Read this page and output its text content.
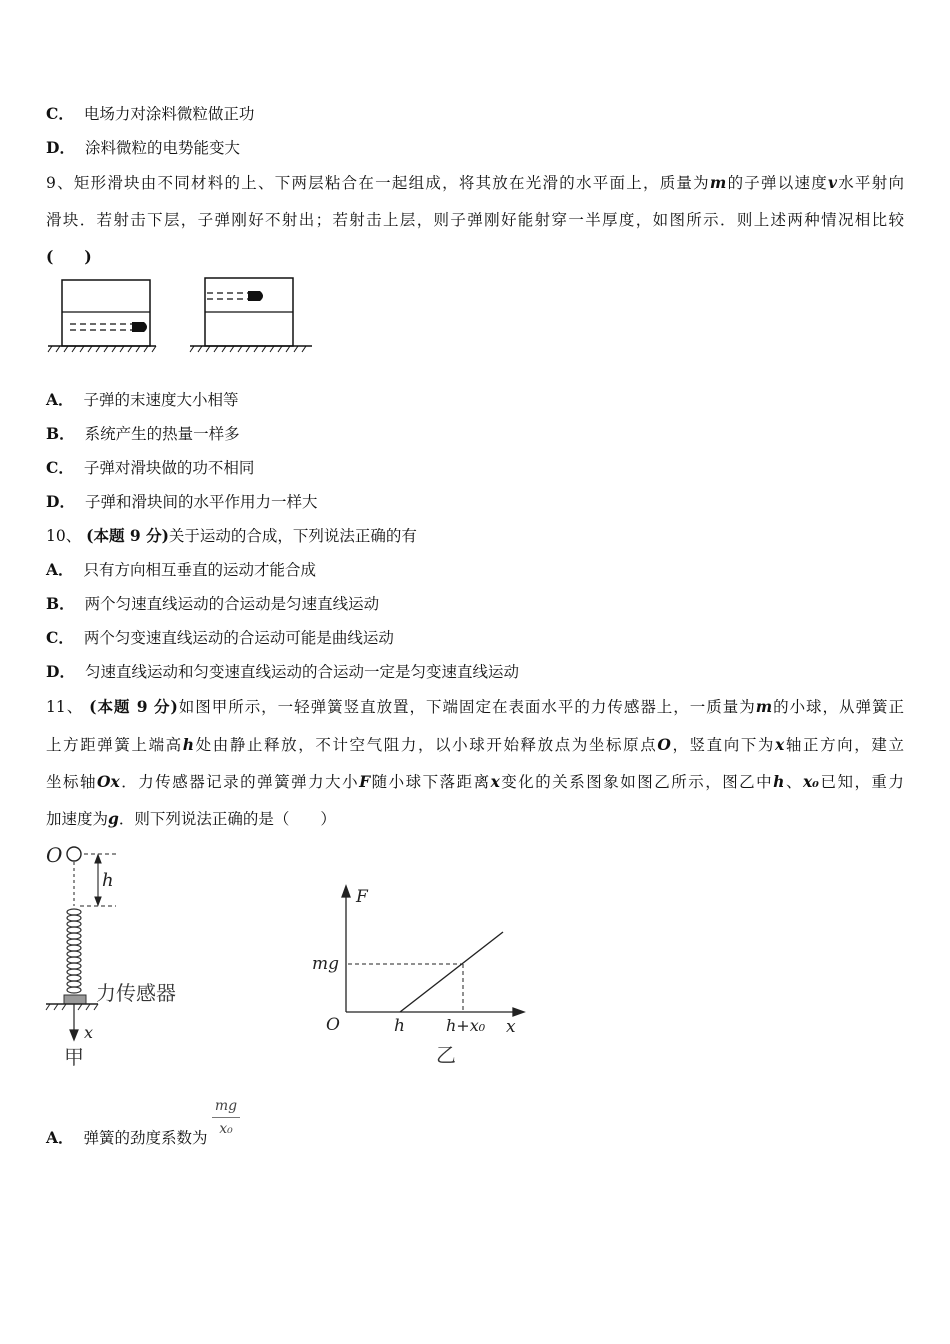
C． 电场力对涂料微粒做正功
D． 涂料微粒的电势能变大
9、矩形滑块由不同材料的上、下两层粘合在一起组成，将其放在光滑的水平面上，质量为m的子弹以速度v水平射向
滑块．若射击下层，子弹刚好不射出；若射击上层，则子弹刚好能射穿一半厚度，如图所示．则上述两种情况相比较
(　　)
A． 子弹的末速度大小相等
B． 系统产生的热量一样多
C． 子弹对滑块做的功不相同
D． 子弹和滑块间的水平作用力一样大
10、 (本题 9 分)关于运动的合成，下列说法正确的有
A． 只有方向相互垂直的运动才能合成
B． 两个匀速直线运动的合运动是匀速直线运动
C． 两个匀变速直线运动的合运动可能是曲线运动
D． 匀速直线运动和匀变速直线运动的合运动一定是匀变速直线运动
11、 (本题 9 分)如图甲所示，一轻弹簧竖直放置，下端固定在表面水平的力传感器上，一质量为m的小球，从弹簧正
上方距弹簧上端高h处由静止释放，不计空气阻力，以小球开始释放点为坐标原点O，竖直向下为x轴正方向，建立
坐标轴Ox．力传感器记录的弹簧弹力大小F随小球下落距离x变化的关系图象如图乙所示，图乙中h、x₀已知，重力
加速度为g．则下列说法正确的是（　　）
O
h
力传感器
x
甲
F
x
O
mg
h	h+x₀
乙
A． 弹簧的劲度系数为
$\frac{mg}{\text{x₀}}$
